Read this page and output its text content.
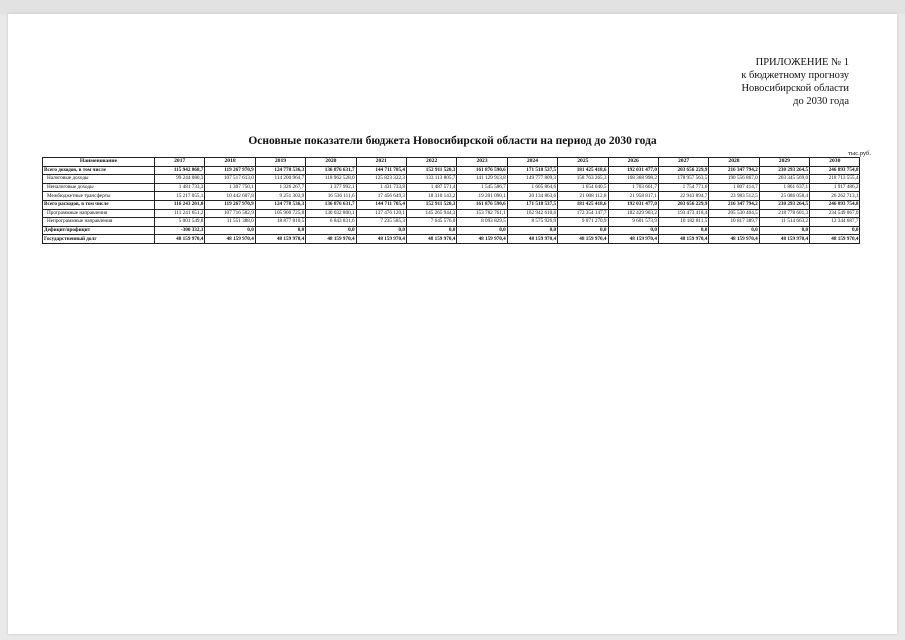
ПРИЛОЖЕНИЕ № 1
к бюджетному прогнозу
Новосибирской области
до 2030 года
Основные показатели бюджета Новосибирской области на период до 2030 года
тыс.руб.
Наименование	2017	2018	2019	2020	2021	2022	2023	2024	2025	2026	2027	2028	2029	2030
Всего доходов, в том числе	115 942 868,7	119 267 970,9	124 778 536,3	136 876 631,7	144 711 705,4	152 911 520,3	161 876 590,6	171 518 537,5	181 425 418,6	192 031 477,0	203 656 229,9	216 347 794,2	230 293 264,5	246 893 754,8
Налоговые доходы	99 244 080,3	107 517 613,0	114 200 964,7	118 962 528,0	125 823 322,3	133 113 805,7	141 129 913,8	149 777 809,3	158 763 265,3	168 368 998,2	178 957 563,5	190 556 867,0	203 345 569,0	218 713 555,4
Неналоговые доходы	1 481 733,3	1 307 750,1	1 326 267,7	1 377 992,1	1 431 733,8	1 487 571,4	1 545 586,7	1 605 864,6	1 654 040,5	1 703 661,7	1 754 771,6	1 807 414,7	1 861 637,1	1 917 486,2
Межбюджетные трансферты	15 217 055,1	10 442 607,8	9 251 303,9	16 536 111,6	17 456 649,3	18 310 143,2	19 201 090,1	20 134 863,6	21 008 112,8	21 958 817,1	22 943 894,7	23 983 512,5	25 086 058,4	26 262 713,1
Всего расходов, в том числе	116 243 201,0	119 267 970,9	124 778 536,3	136 876 631,7	144 711 705,4	152 911 520,3	161 876 590,6	171 518 537,5	181 425 418,6	192 031 477,0	203 656 229,9	216 347 794,2	230 293 264,5	246 893 754,8
Программные направления	111 241 651,2	107 716 582,9	105 900 725,8	130 032 800,1	137 476 120,1	145 265 944,3	153 782 761,1	162 942 610,6	172 354 147,7	182 429 903,2	193 473 418,4	205 530 404,5	218 778 601,3	234 549 067,0
Непрограммные направления	5 001 549,8	11 551 388,0	18 877 810,5	6 843 831,6	7 235 585,3	7 645 576,0	8 093 829,5	8 575 926,9	9 071 270,9	9 601 573,9	10 182 811,5	10 817 389,7	11 514 663,2	12 344 687,7
Дефицит/профицит	-300 332,3	0,0	0,0	0,0	0,0	0,0	0,0	0,0	0,0	0,0	0,0	0,0	0,0	0,0
Государственный долг	48 159 970,4	48 159 970,4	48 159 970,4	48 159 970,4	48 159 970,4	48 159 970,4	48 159 970,4	48 159 970,4	48 159 970,4	48 159 970,4	48 159 970,4	48 159 970,4	48 159 970,4	48 159 970,4
